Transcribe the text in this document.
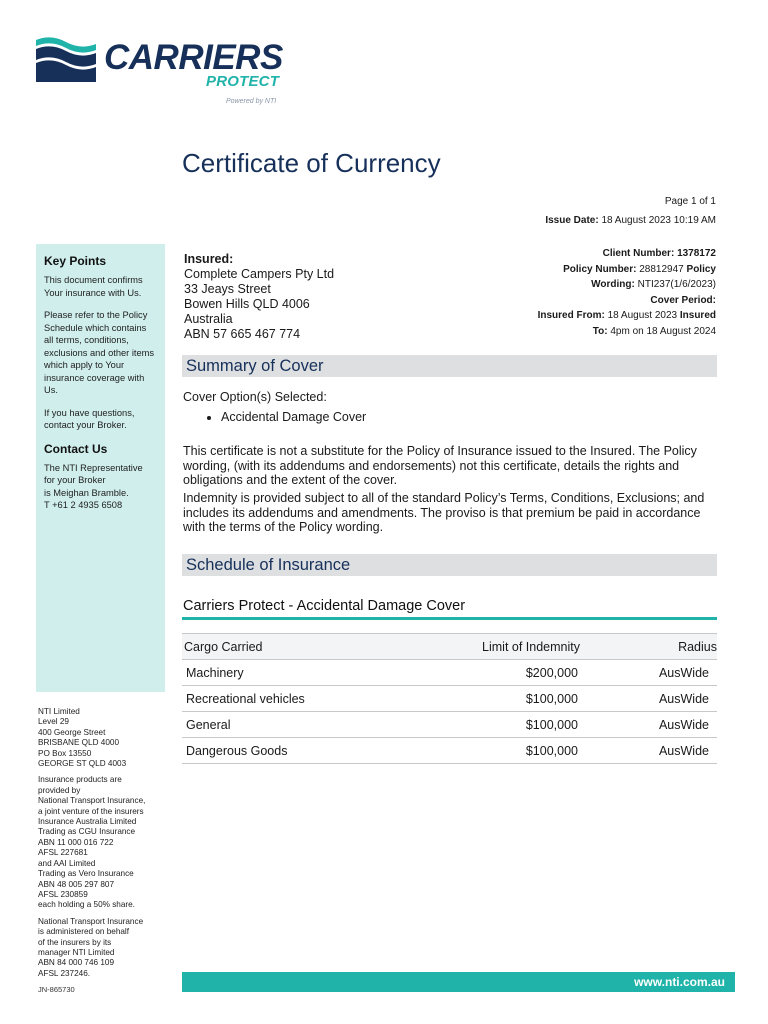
CARRIERS
PROTECT
Powered by NTI
Certificate of Currency
Page 1 of 1
Issue Date: 18 August 2023 10:19 AM
Key Points

This document confirms Your insurance with Us.

Please refer to the Policy Schedule which contains all terms, conditions, exclusions and other items which apply to Your insurance coverage with Us.

If you have questions, contact your Broker.

Contact Us

The NTI Representative
for your Broker
is Meighan Bramble.
T +61 2 4935 6508

NTI Limited
Level 29
400 George Street
BRISBANE QLD 4000
PO Box 13550
GEORGE ST QLD 4003

Insurance products are
provided by
National Transport Insurance,
a joint venture of the insurers
Insurance Australia Limited
Trading as CGU Insurance
ABN 11 000 016 722
AFSL 227681
and AAI Limited
Trading as Vero Insurance
ABN 48 005 297 807
AFSL 230859
each holding a 50% share.

National Transport Insurance
is administered on behalf
of the insurers by its
manager NTI Limited
ABN 84 000 746 109
AFSL 237246.

Insured:
Complete Campers Pty Ltd
33 Jeays Street
Bowen Hills QLD 4006
Australia
ABN 57 665 467 774
Client Number: 1378172
Policy Number: 28812947 Policy
Wording: NTI237(1/6/2023)
Cover Period:
Insured From: 18 August 2023 Insured
To: 4pm on 18 August 2024
Summary of Cover
Cover Option(s) Selected:
• Accidental Damage Cover
This certificate is not a substitute for the Policy of Insurance issued to the Insured. The Policy wording, (with its addendums and endorsements) not this certificate, details the rights and obligations and the extent of the cover.
Indemnity is provided subject to all of the standard Policy’s Terms, Conditions, Exclusions; and includes its addendums and amendments. The proviso is that premium be paid in accordance with the terms of the Policy wording.
Schedule of Insurance
Carriers Protect - Accidental Damage Cover
Cargo Carried	Limit of Indemnity	Radius
Machinery	$200,000	AusWide
Recreational vehicles	$100,000	AusWide
General	$100,000	AusWide
Dangerous Goods	$100,000	AusWide
www.nti.com.au
JN-865730
